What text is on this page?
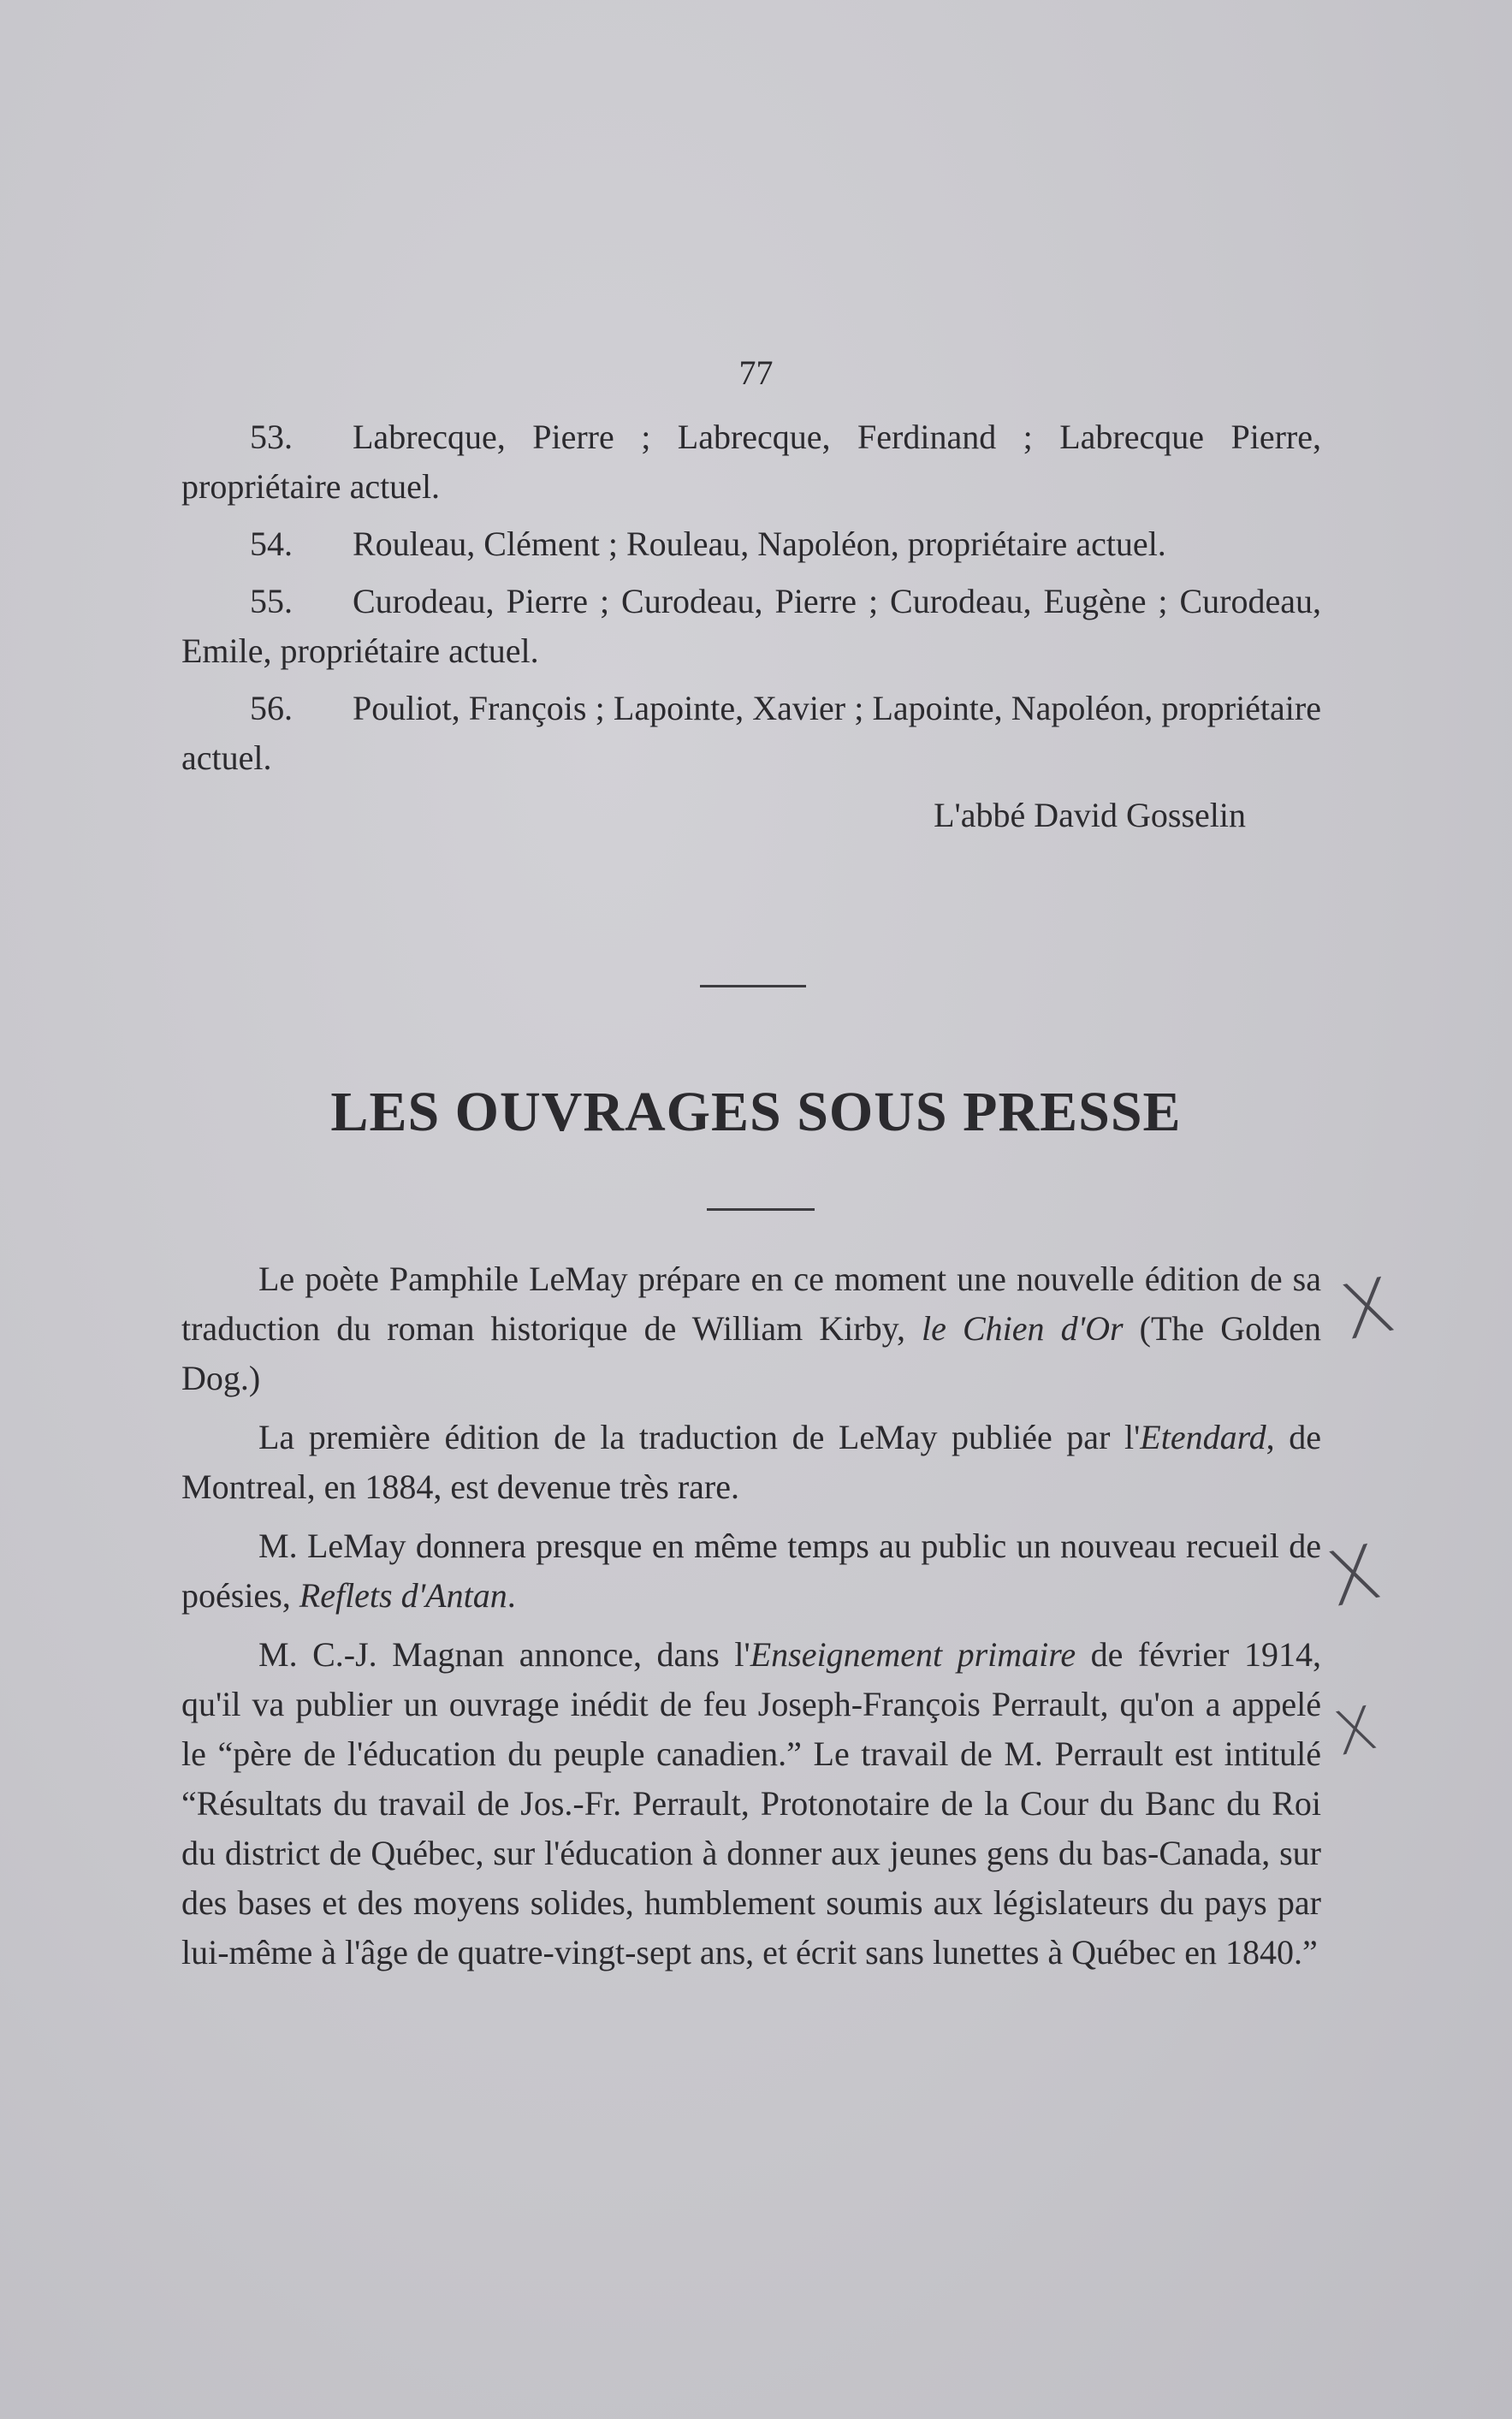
77

53. Labrecque, Pierre ; Labrecque, Ferdinand ; Labrecque Pierre, propriétaire actuel.

54. Rouleau, Clément ; Rouleau, Napoléon, propriétaire actuel.

55. Curodeau, Pierre ; Curodeau, Pierre ; Curodeau, Eugène ; Curodeau, Emile, propriétaire actuel.

56. Pouliot, François ; Lapointe, Xavier ; Lapointe, Napoléon, propriétaire actuel.

L'abbé David Gosselin
LES OUVRAGES SOUS PRESSE

Le poète Pamphile LeMay prépare en ce moment une nouvelle édition de sa traduction du roman historique de William Kirby, le Chien d'Or (The Golden Dog.)

La première édition de la traduction de LeMay publiée par l'Etendard, de Montreal, en 1884, est devenue très rare.

M. LeMay donnera presque en même temps au public un nouveau recueil de poésies, Reflets d'Antan.

M. C.-J. Magnan annonce, dans l'Enseignement primaire de février 1914, qu'il va publier un ouvrage inédit de feu Joseph-François Perrault, qu'on a appelé le “père de l'éducation du peuple canadien.” Le travail de M. Perrault est intitulé “Résultats du travail de Jos.-Fr. Perrault, Protonotaire de la Cour du Banc du Roi du district de Québec, sur l'éducation à donner aux jeunes gens du bas-Canada, sur des bases et des moyens solides, humblement soumis aux législateurs du pays par lui-même à l'âge de quatre-vingt-sept ans, et écrit sans lunettes à Québec en 1840.”

X
X
X
